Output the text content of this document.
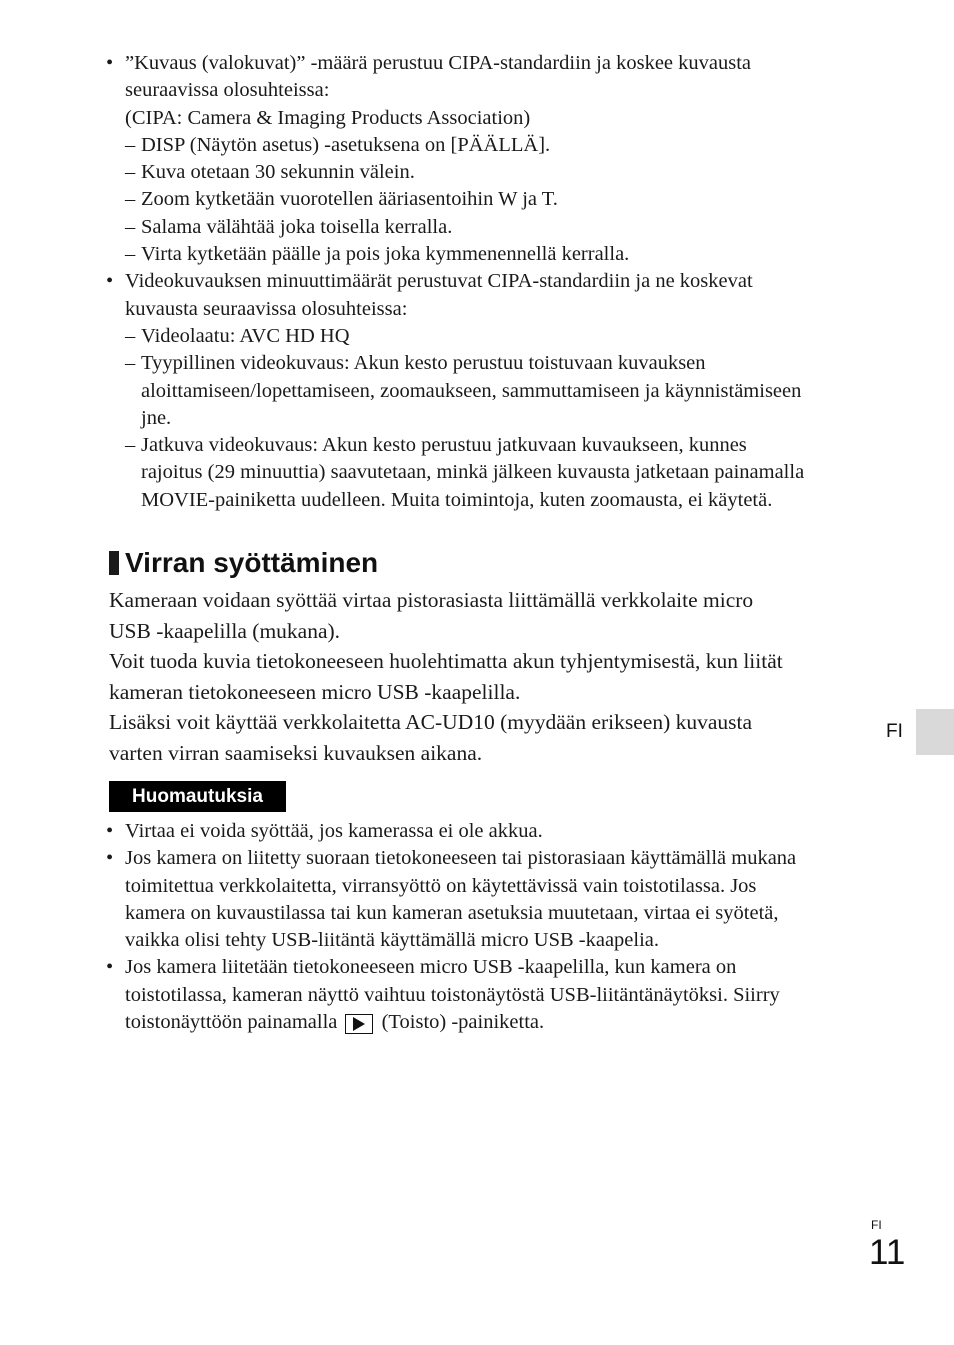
• ”Kuvaus (valokuvat)” -määrä perustuu CIPA-standardiin ja koskee kuvausta
seuraavissa olosuhteissa:
(CIPA: Camera & Imaging Products Association)
– DISP (Näytön asetus) -asetuksena on [PÄÄLLÄ].
– Kuva otetaan 30 sekunnin välein.
– Zoom kytketään vuorotellen ääriasentoihin W ja T.
– Salama välähtää joka toisella kerralla.
– Virta kytketään päälle ja pois joka kymmenennellä kerralla.
• Videokuvauksen minuuttimäärät perustuvat CIPA-standardiin ja ne koskevat
kuvausta seuraavissa olosuhteissa:
– Videolaatu: AVC HD HQ
– Tyypillinen videokuvaus: Akun kesto perustuu toistuvaan kuvauksen
aloittamiseen/lopettamiseen, zoomaukseen, sammuttamiseen ja käynnistämiseen
jne.
– Jatkuva videokuvaus: Akun kesto perustuu jatkuvaan kuvaukseen, kunnes
rajoitus (29 minuuttia) saavutetaan, minkä jälkeen kuvausta jatketaan painamalla
MOVIE-painiketta uudelleen. Muita toimintoja, kuten zoomausta, ei käytetä.
Virran syöttäminen

Kameraan voidaan syöttää virtaa pistorasiasta liittämällä verkkolaite micro

USB -kaapelilla (mukana).

Voit tuoda kuvia tietokoneeseen huolehtimatta akun tyhjentymisestä, kun liität

kameran tietokoneeseen micro USB -kaapelilla.

Lisäksi voit käyttää verkkolaitetta AC-UD10 (myydään erikseen) kuvausta

varten virran saamiseksi kuvauksen aikana.

Huomautuksia
• Virtaa ei voida syöttää, jos kamerassa ei ole akkua.
• Jos kamera on liitetty suoraan tietokoneeseen tai pistorasiaan käyttämällä mukana
toimitettua verkkolaitetta, virransyöttö on käytettävissä vain toistotilassa. Jos
kamera on kuvaustilassa tai kun kameran asetuksia muutetaan, virtaa ei syötetä,
vaikka olisi tehty USB-liitäntä käyttämällä micro USB -kaapelia.
• Jos kamera liitetään tietokoneeseen micro USB -kaapelilla, kun kamera on
toistotilassa, kameran näyttö vaihtuu toistonäytöstä USB-liitäntänäytöksi. Siirry
toistonäyttöön painamalla (Toisto) -painiketta.
FI
FI
11
